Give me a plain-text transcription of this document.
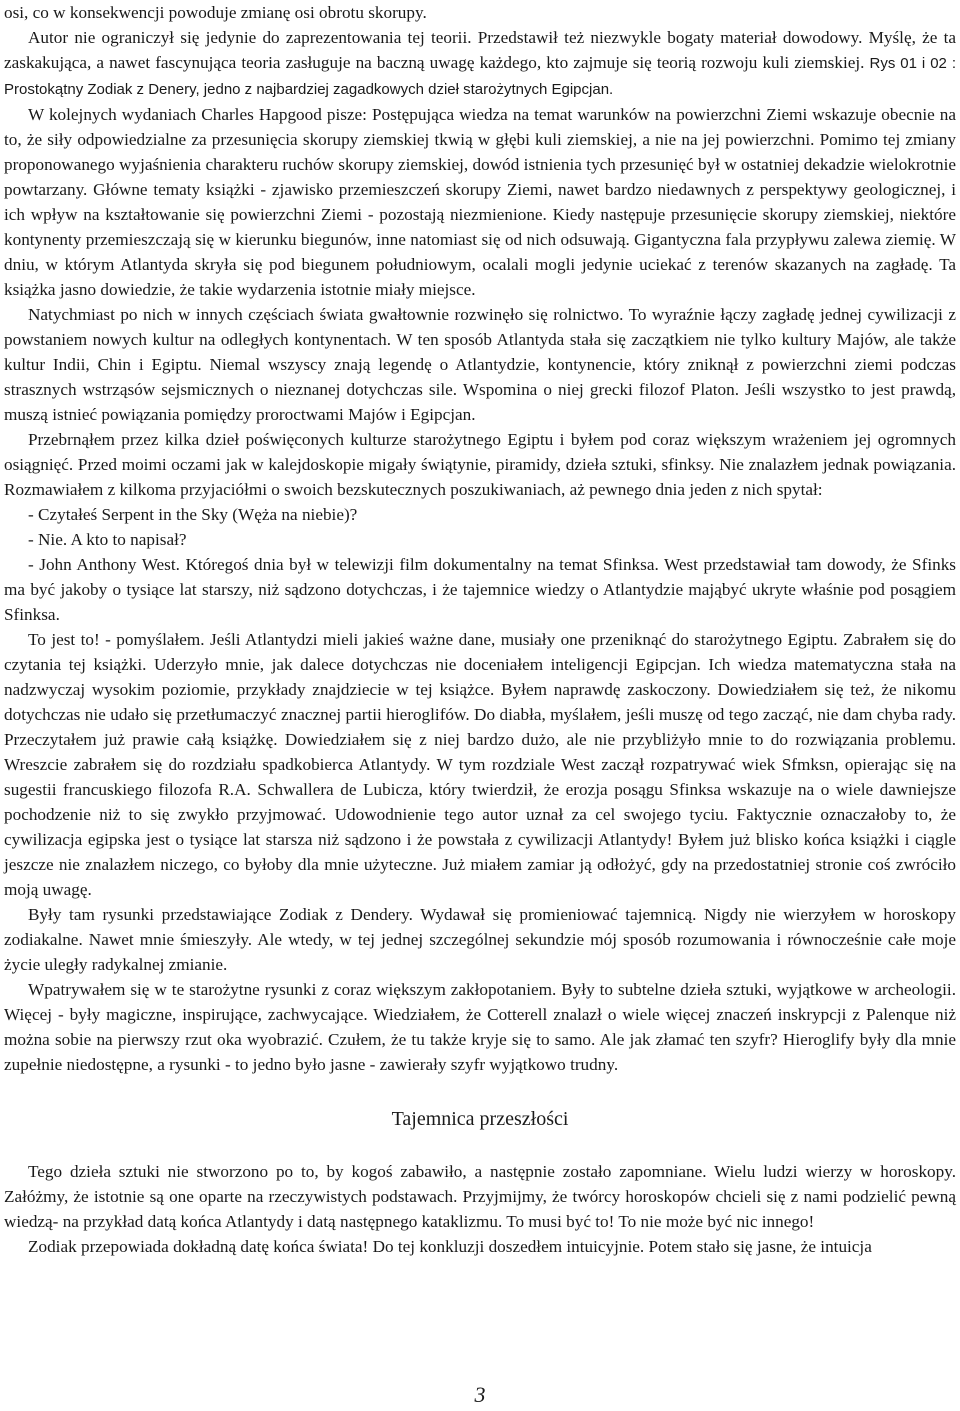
osi, co w konsekwencji powoduje zmianę osi obrotu skorupy.

Autor nie ograniczył się jedynie do zaprezentowania tej teorii. Przedstawił też niezwykle bogaty materiał dowodowy. Myślę, że ta zaskakująca, a nawet fascynująca teoria zasługuje na baczną uwagę każdego, kto zajmuje się teorią rozwoju kuli ziemskiej. Rys 01 i 02 : Prostokątny Zodiak z Denery, jedno z najbardziej zagadkowych dzieł starożytnych Egipcjan.

W kolejnych wydaniach Charles Hapgood pisze: Postępująca wiedza na temat warunków na powierzchni Ziemi wskazuje obecnie na to, że siły odpowiedzialne za przesunięcia skorupy ziemskiej tkwią w głębi kuli ziemskiej, a nie na jej powierzchni. Pomimo tej zmiany proponowanego wyjaśnienia charakteru ruchów skorupy ziemskiej, dowód istnienia tych przesunięć był w ostatniej dekadzie wielokrotnie powtarzany. Główne tematy książki - zjawisko przemieszczeń skorupy Ziemi, nawet bardzo niedawnych z perspektywy geologicznej, i ich wpływ na kształtowanie się powierzchni Ziemi - pozostają niezmienione. Kiedy następuje przesunięcie skorupy ziemskiej, niektóre kontynenty przemieszczają się w kierunku biegunów, inne natomiast się od nich odsuwają. Gigantyczna fala przypływu zalewa ziemię. W dniu, w którym Atlantyda skryła się pod biegunem południowym, ocalali mogli jedynie uciekać z terenów skazanych na zagładę. Ta książka jasno dowiedzie, że takie wydarzenia istotnie miały miejsce.

Natychmiast po nich w innych częściach świata gwałtownie rozwinęło się rolnictwo. To wyraźnie łączy zagładę jednej cywilizacji z powstaniem nowych kultur na odległych kontynentach. W ten sposób Atlantyda stała się zaczątkiem nie tylko kultury Majów, ale także kultur Indii, Chin i Egiptu. Niemal wszyscy znają legendę o Atlantydzie, kontynencie, który zniknął z powierzchni ziemi podczas strasznych wstrząsów sejsmicznych o nieznanej dotychczas sile. Wspomina o niej grecki filozof Platon. Jeśli wszystko to jest prawdą, muszą istnieć powiązania pomiędzy proroctwami Majów i Egipcjan.

Przebrnąłem przez kilka dzieł poświęconych kulturze starożytnego Egiptu i byłem pod coraz większym wrażeniem jej ogromnych osiągnięć. Przed moimi oczami jak w kalejdoskopie migały świątynie, piramidy, dzieła sztuki, sfinksy. Nie znalazłem jednak powiązania. Rozmawiałem z kilkoma przyjaciółmi o swoich bezskutecznych poszukiwaniach, aż pewnego dnia jeden z nich spytał:

- Czytałeś Serpent in the Sky (Węża na niebie)?

- Nie. A kto to napisał?

- John Anthony West. Któregoś dnia był w telewizji film dokumentalny na temat Sfinksa. West przedstawiał tam dowody, że Sfinks ma być jakoby o tysiące lat starszy, niż sądzono dotychczas, i że tajemnice wiedzy o Atlantydzie mająbyć ukryte właśnie pod posągiem Sfinksa.

To jest to! - pomyślałem. Jeśli Atlantydzi mieli jakieś ważne dane, musiały one przeniknąć do starożytnego Egiptu. Zabrałem się do czytania tej książki. Uderzyło mnie, jak dalece dotychczas nie doceniałem inteligencji Egipcjan. Ich wiedza matematyczna stała na nadzwyczaj wysokim poziomie, przykłady znajdziecie w tej książce. Byłem naprawdę zaskoczony. Dowiedziałem się też, że nikomu dotychczas nie udało się przetłumaczyć znacznej partii hieroglifów. Do diabła, myślałem, jeśli muszę od tego zacząć, nie dam chyba rady. Przeczytałem już prawie całą książkę. Dowiedziałem się z niej bardzo dużo, ale nie przybliżyło mnie to do rozwiązania problemu. Wreszcie zabrałem się do rozdziału spadkobierca Atlantydy. W tym rozdziale West zaczął rozpatrywać wiek Sfmksn, opierając się na sugestii francuskiego filozofa R.A. Schwallera de Lubicza, który twierdził, że erozja posągu Sfinksa wskazuje na o wiele dawniejsze pochodzenie niż to się zwykło przyjmować. Udowodnienie tego autor uznał za cel swojego tyciu. Faktycznie oznaczałoby to, że cywilizacja egipska jest o tysiące lat starsza niż sądzono i że powstała z cywilizacji Atlantydy! Byłem już blisko końca książki i ciągle jeszcze nie znalazłem niczego, co byłoby dla mnie użyteczne. Już miałem zamiar ją odłożyć, gdy na przedostatniej stronie coś zwróciło moją uwagę.

Były tam rysunki przedstawiające Zodiak z Dendery. Wydawał się promieniować tajemnicą. Nigdy nie wierzyłem w horoskopy zodiakalne. Nawet mnie śmieszyły. Ale wtedy, w tej jednej szczególnej sekundzie mój sposób rozumowania i równocześnie całe moje życie uległy radykalnej zmianie.

Wpatrywałem się w te starożytne rysunki z coraz większym zakłopotaniem. Były to subtelne dzieła sztuki, wyjątkowe w archeologii. Więcej - były magiczne, inspirujące, zachwycające. Wiedziałem, że Cotterell znalazł o wiele więcej znaczeń inskrypcji z Palenque niż można sobie na pierwszy rzut oka wyobrazić. Czułem, że tu także kryje się to samo. Ale jak złamać ten szyfr? Hieroglify były dla mnie zupełnie niedostępne, a rysunki - to jedno było jasne - zawierały szyfr wyjątkowo trudny.

Tajemnica przeszłości

Tego dzieła sztuki nie stworzono po to, by kogoś zabawiło, a następnie zostało zapomniane. Wielu ludzi wierzy w horoskopy. Załóżmy, że istotnie są one oparte na rzeczywistych podstawach. Przyjmijmy, że twórcy horoskopów chcieli się z nami podzielić pewną wiedzą- na przykład datą końca Atlantydy i datą następnego kataklizmu. To musi być to! To nie może być nic innego!

Zodiak przepowiada dokładną datę końca świata! Do tej konkluzji doszedłem intuicyjnie. Potem stało się jasne, że intuicja

3
